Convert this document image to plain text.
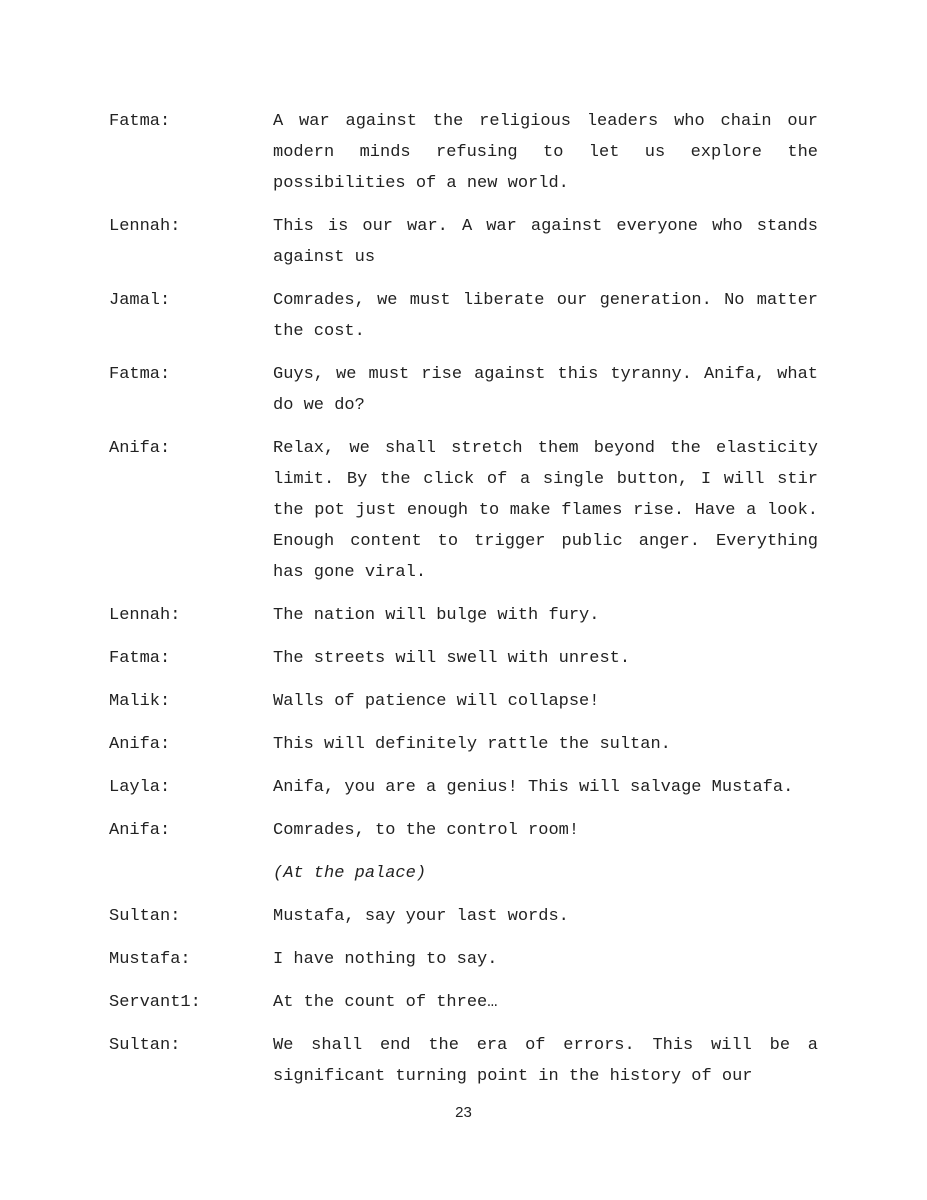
Fatma:	A war against the religious leaders who chain our modern minds refusing to let us explore the possibilities of a new world.
Lennah:	This is our war. A war against everyone who stands against us
Jamal:	Comrades, we must liberate our generation. No matter the cost.
Fatma:	Guys, we must rise against this tyranny. Anifa, what do we do?
Anifa:	Relax, we shall stretch them beyond the elasticity limit. By the click of a single button, I will stir the pot just enough to make flames rise. Have a look. Enough content to trigger public anger. Everything has gone viral.
Lennah:	The nation will bulge with fury.
Fatma:	The streets will swell with unrest.
Malik:	Walls of patience will collapse!
Anifa:	This will definitely rattle the sultan.
Layla:	Anifa, you are a genius! This will salvage Mustafa.
Anifa:	Comrades, to the control room!
(At the palace)
Sultan:	Mustafa, say your last words.
Mustafa:	I have nothing to say.
Servant1:	At the count of three…
Sultan:	We shall end the era of errors. This will be a significant turning point in the history of our
23
